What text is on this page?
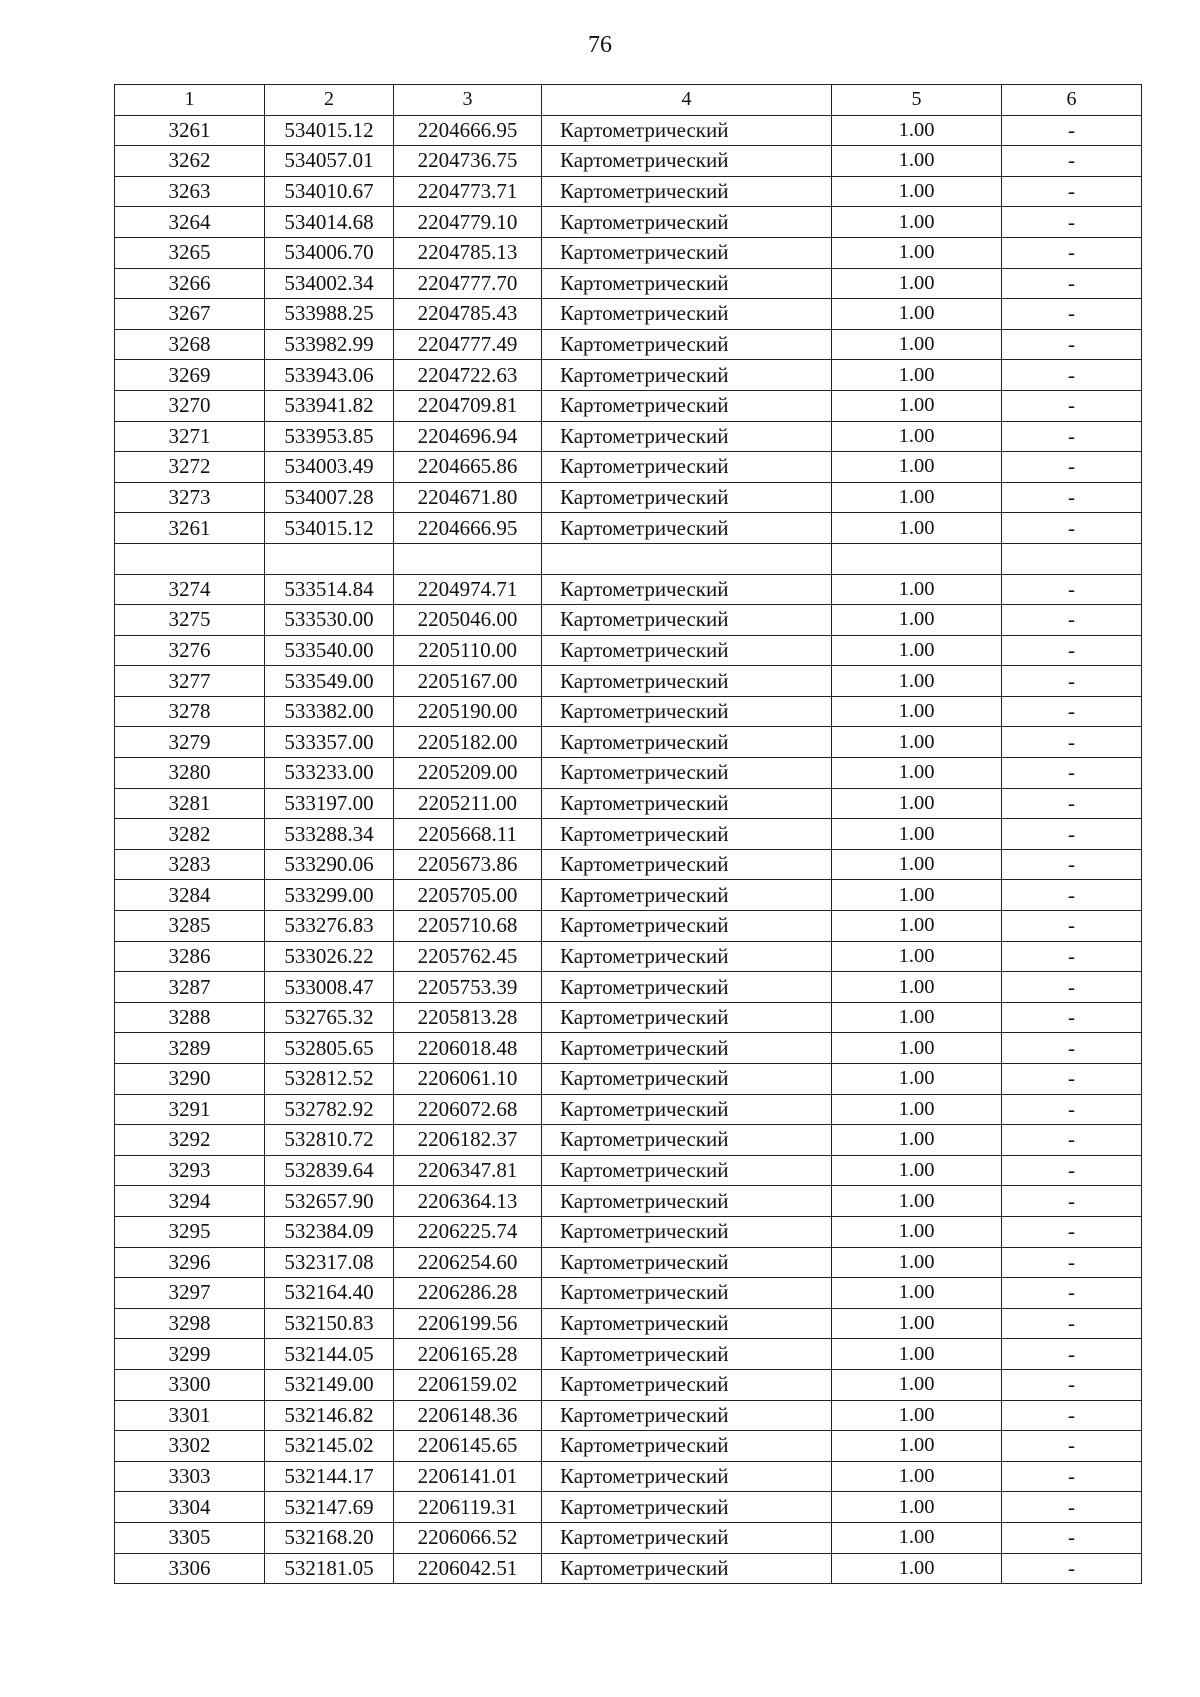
76
1	2	3	4	5	6
3261	534015.12	2204666.95	Картометрический	1.00	-
3262	534057.01	2204736.75	Картометрический	1.00	-
3263	534010.67	2204773.71	Картометрический	1.00	-
3264	534014.68	2204779.10	Картометрический	1.00	-
3265	534006.70	2204785.13	Картометрический	1.00	-
3266	534002.34	2204777.70	Картометрический	1.00	-
3267	533988.25	2204785.43	Картометрический	1.00	-
3268	533982.99	2204777.49	Картометрический	1.00	-
3269	533943.06	2204722.63	Картометрический	1.00	-
3270	533941.82	2204709.81	Картометрический	1.00	-
3271	533953.85	2204696.94	Картометрический	1.00	-
3272	534003.49	2204665.86	Картометрический	1.00	-
3273	534007.28	2204671.80	Картометрический	1.00	-
3261	534015.12	2204666.95	Картометрический	1.00	-

3274	533514.84	2204974.71	Картометрический	1.00	-
3275	533530.00	2205046.00	Картометрический	1.00	-
3276	533540.00	2205110.00	Картометрический	1.00	-
3277	533549.00	2205167.00	Картометрический	1.00	-
3278	533382.00	2205190.00	Картометрический	1.00	-
3279	533357.00	2205182.00	Картометрический	1.00	-
3280	533233.00	2205209.00	Картометрический	1.00	-
3281	533197.00	2205211.00	Картометрический	1.00	-
3282	533288.34	2205668.11	Картометрический	1.00	-
3283	533290.06	2205673.86	Картометрический	1.00	-
3284	533299.00	2205705.00	Картометрический	1.00	-
3285	533276.83	2205710.68	Картометрический	1.00	-
3286	533026.22	2205762.45	Картометрический	1.00	-
3287	533008.47	2205753.39	Картометрический	1.00	-
3288	532765.32	2205813.28	Картометрический	1.00	-
3289	532805.65	2206018.48	Картометрический	1.00	-
3290	532812.52	2206061.10	Картометрический	1.00	-
3291	532782.92	2206072.68	Картометрический	1.00	-
3292	532810.72	2206182.37	Картометрический	1.00	-
3293	532839.64	2206347.81	Картометрический	1.00	-
3294	532657.90	2206364.13	Картометрический	1.00	-
3295	532384.09	2206225.74	Картометрический	1.00	-
3296	532317.08	2206254.60	Картометрический	1.00	-
3297	532164.40	2206286.28	Картометрический	1.00	-
3298	532150.83	2206199.56	Картометрический	1.00	-
3299	532144.05	2206165.28	Картометрический	1.00	-
3300	532149.00	2206159.02	Картометрический	1.00	-
3301	532146.82	2206148.36	Картометрический	1.00	-
3302	532145.02	2206145.65	Картометрический	1.00	-
3303	532144.17	2206141.01	Картометрический	1.00	-
3304	532147.69	2206119.31	Картометрический	1.00	-
3305	532168.20	2206066.52	Картометрический	1.00	-
3306	532181.05	2206042.51	Картометрический	1.00	-
